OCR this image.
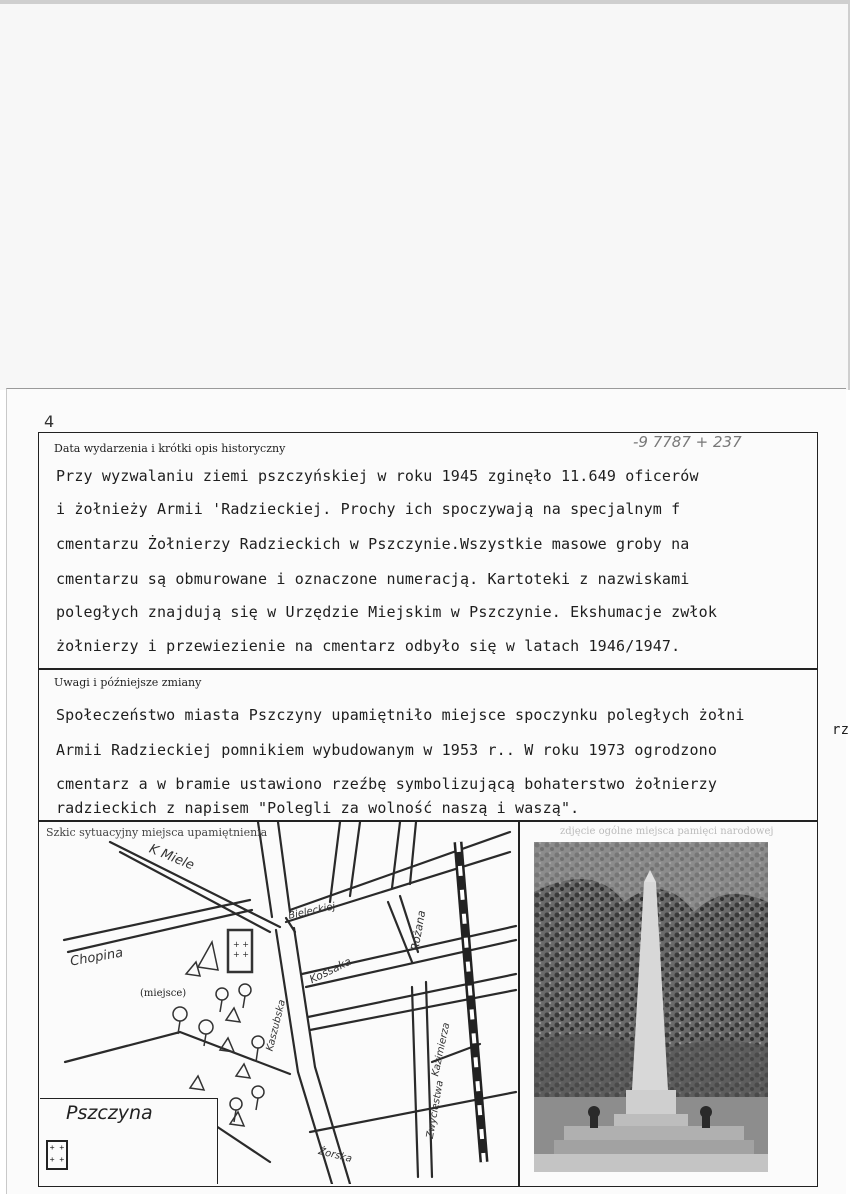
4
-9 7787 + 237
Data wydarzenia i krótki opis historyczny
Przy wyzwalaniu ziemi pszczyńskiej w roku 1945 zginęło 11.649 oficerów
i żołnieży Armii 'Radzieckiej. Prochy ich spoczywają na specjalnym f
cmentarzu Żołnierzy Radzieckich w Pszczynie.Wszystkie masowe groby na
cmentarzu są obmurowane i oznaczone numeracją. Kartoteki z nazwiskami
poległych znajdują się w Urzędzie Miejskim w Pszczynie. Ekshumacje zwłok
żołnierzy i przewiezienie na cmentarz odbyło się w latach 1946/1947.
Uwagi i późniejsze zmiany
Społeczeństwo miasta Pszczyny upamiętniło miejsce spoczynku poległych żołni
Armii Radzieckiej pomnikiem wybudowanym w 1953 r.. W roku 1973 ogrodzono
cmentarz a w bramie ustawiono rzeźbę symbolizującą bohaterstwo żołnierzy
radzieckich z napisem "Polegli za wolność naszą i waszą".
rz
Szkic sytuacyjny miejsca upamiętnienia
K Miele
Chopina
Bieleckiej	Różana
Kossaka
Kaszubska	Kazimierza
Zwycięstwa
Żorska
(miejsce)
+ + + +
Pszczyna
+ +
+ +
zdjęcie ogólne miejsca pamięci narodowej
